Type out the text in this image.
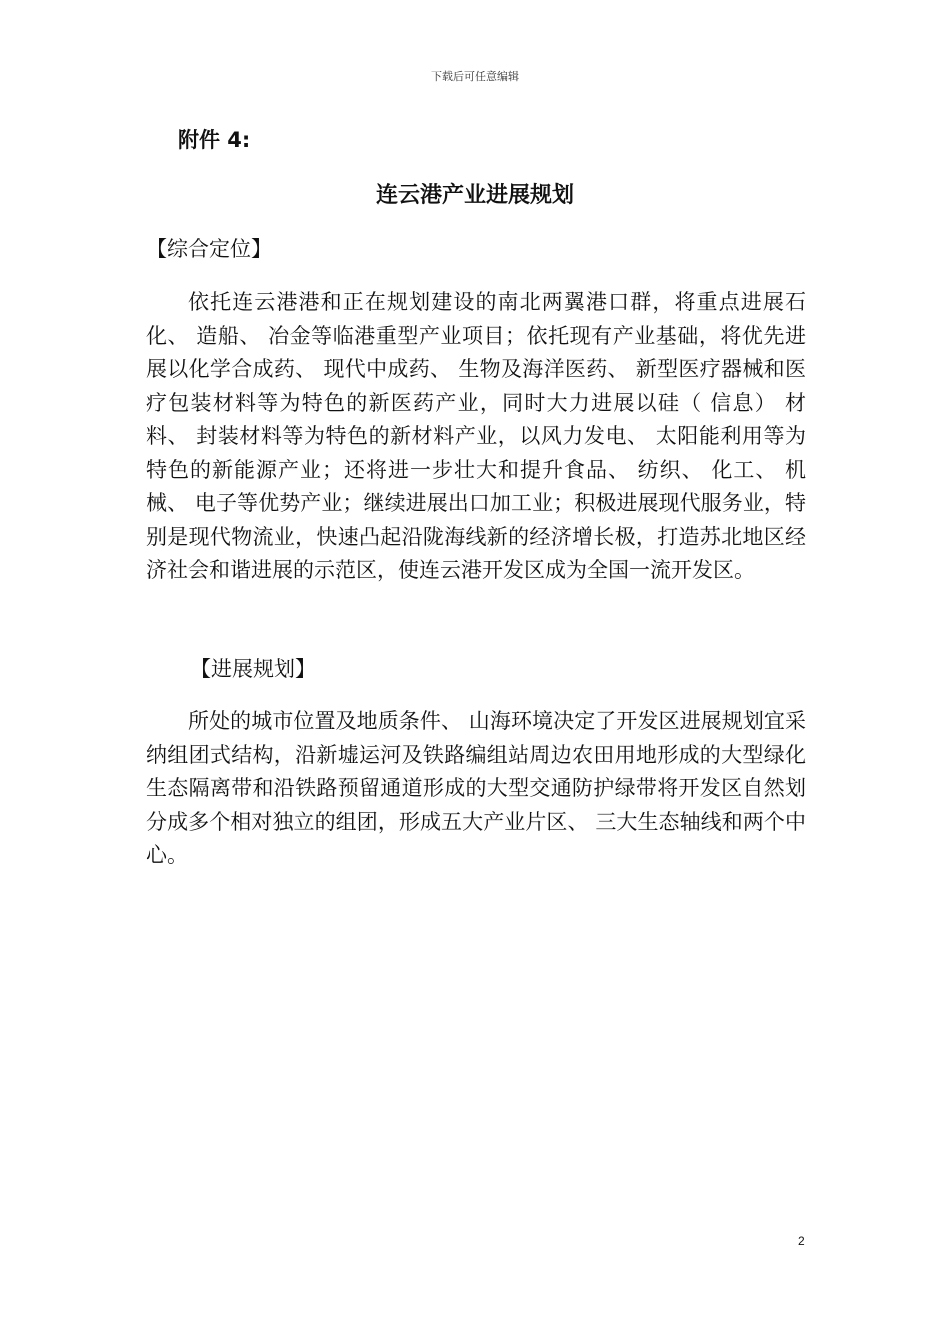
下载后可任意编辑
附件 4:
连云港产业进展规划
【综合定位】

依托连云港港和正在规划建设的南北两翼港口群，将重点进展石化、 造船、 冶金等临港重型产业项目；依托现有产业基础，将优先进展以化学合成药、 现代中成药、 生物及海洋医药、 新型医疗器械和医疗包装材料等为特色的新医药产业，同时大力进展以硅（ 信息） 材料、 封装材料等为特色的新材料产业，以风力发电、 太阳能利用等为特色的新能源产业；还将进一步壮大和提升食品、 纺织、 化工、 机械、 电子等优势产业；继续进展出口加工业；积极进展现代服务业，特别是现代物流业，快速凸起沿陇海线新的经济增长极，打造苏北地区经济社会和谐进展的示范区，使连云港开发区成为全国一流开发区。

【进展规划】

所处的城市位置及地质条件、 山海环境决定了开发区进展规划宜采纳组团式结构，沿新墟运河及铁路编组站周边农田用地形成的大型绿化生态隔离带和沿铁路预留通道形成的大型交通防护绿带将开发区自然划分成多个相对独立的组团，形成五大产业片区、 三大生态轴线和两个中心。

2
